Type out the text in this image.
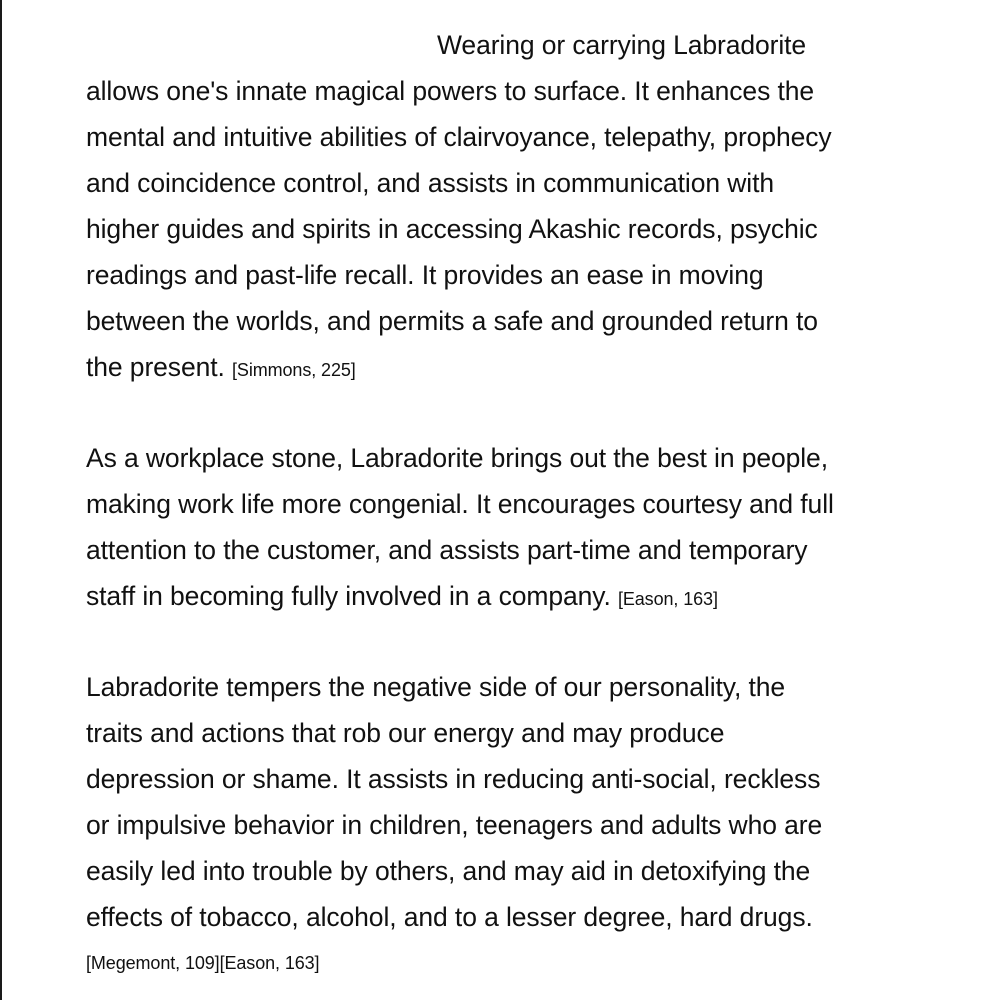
Wearing or carrying Labradorite
allows one's innate magical powers to surface. It enhances the
mental and intuitive abilities of clairvoyance, telepathy, prophecy
and coincidence control, and assists in communication with
higher guides and spirits in accessing Akashic records, psychic
readings and past-life recall. It provides an ease in moving
between the worlds, and permits a safe and grounded return to
the present. [Simmons, 225]

As a workplace stone, Labradorite brings out the best in people,
making work life more congenial. It encourages courtesy and full
attention to the customer, and assists part-time and temporary
staff in becoming fully involved in a company. [Eason, 163]

Labradorite tempers the negative side of our personality, the
traits and actions that rob our energy and may produce
depression or shame. It assists in reducing anti-social, reckless
or impulsive behavior in children, teenagers and adults who are
easily led into trouble by others, and may aid in detoxifying the
effects of tobacco, alcohol, and to a lesser degree, hard drugs.
[Megemont, 109][Eason, 163]
